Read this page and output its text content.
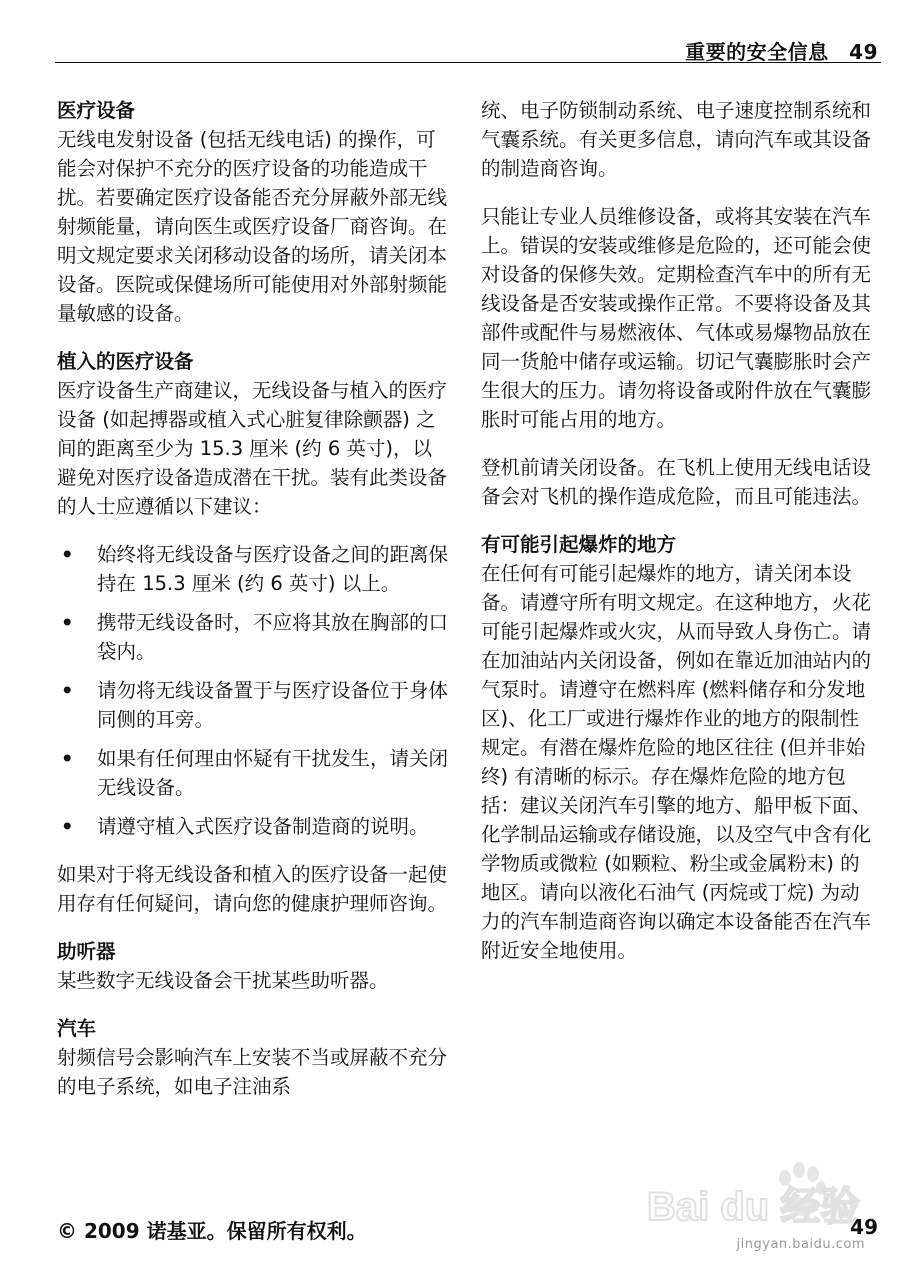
重要的安全信息　49

医疗设备

无线电发射设备 (包括无线电话) 的操作，可能会对保护不充分的医疗设备的功能造成干扰。若要确定医疗设备能否充分屏蔽外部无线射频能量，请向医生或医疗设备厂商咨询。在明文规定要求关闭移动设备的场所，请关闭本设备。医院或保健场所可能使用对外部射频能量敏感的设备。

植入的医疗设备

医疗设备生产商建议，无线设备与植入的医疗设备 (如起搏器或植入式心脏复律除颤器) 之间的距离至少为 15.3 厘米 (约 6 英寸)，以避免对医疗设备造成潜在干扰。装有此类设备的人士应遵循以下建议：

• 始终将无线设备与医疗设备之间的距离保持在 15.3 厘米 (约 6 英寸) 以上。
• 携带无线设备时，不应将其放在胸部的口袋内。
• 请勿将无线设备置于与医疗设备位于身体同侧的耳旁。
• 如果有任何理由怀疑有干扰发生，请关闭无线设备。
• 请遵守植入式医疗设备制造商的说明。

如果对于将无线设备和植入的医疗设备一起使用存有任何疑问，请向您的健康护理师咨询。

助听器

某些数字无线设备会干扰某些助听器。

汽车

射频信号会影响汽车上安装不当或屏蔽不充分的电子系统，如电子注油系

统、电子防锁制动系统、电子速度控制系统和气囊系统。有关更多信息，请向汽车或其设备的制造商咨询。

只能让专业人员维修设备，或将其安装在汽车上。错误的安装或维修是危险的，还可能会使对设备的保修失效。定期检查汽车中的所有无线设备是否安装或操作正常。不要将设备及其部件或配件与易燃液体、气体或易爆物品放在同一货舱中储存或运输。切记气囊膨胀时会产生很大的压力。请勿将设备或附件放在气囊膨胀时可能占用的地方。

登机前请关闭设备。在飞机上使用无线电话设备会对飞机的操作造成危险，而且可能违法。

有可能引起爆炸的地方

在任何有可能引起爆炸的地方，请关闭本设备。请遵守所有明文规定。在这种地方，火花可能引起爆炸或火灾，从而导致人身伤亡。请在加油站内关闭设备，例如在靠近加油站内的气泵时。请遵守在燃料库 (燃料储存和分发地区)、化工厂或进行爆炸作业的地方的限制性规定。有潜在爆炸危险的地区往往 (但并非始终) 有清晰的标示。存在爆炸危险的地方包括：建议关闭汽车引擎的地方、船甲板下面、化学制品运输或存储设施，以及空气中含有化学物质或微粒 (如颗粒、粉尘或金属粉末) 的地区。请向以液化石油气 (丙烷或丁烷) 为动力的汽车制造商咨询以确定本设备能否在汽车附近安全地使用。

Bai du 经验
jingyan.baidu.com
© 2009 诺基亚。保留所有权利。	49
